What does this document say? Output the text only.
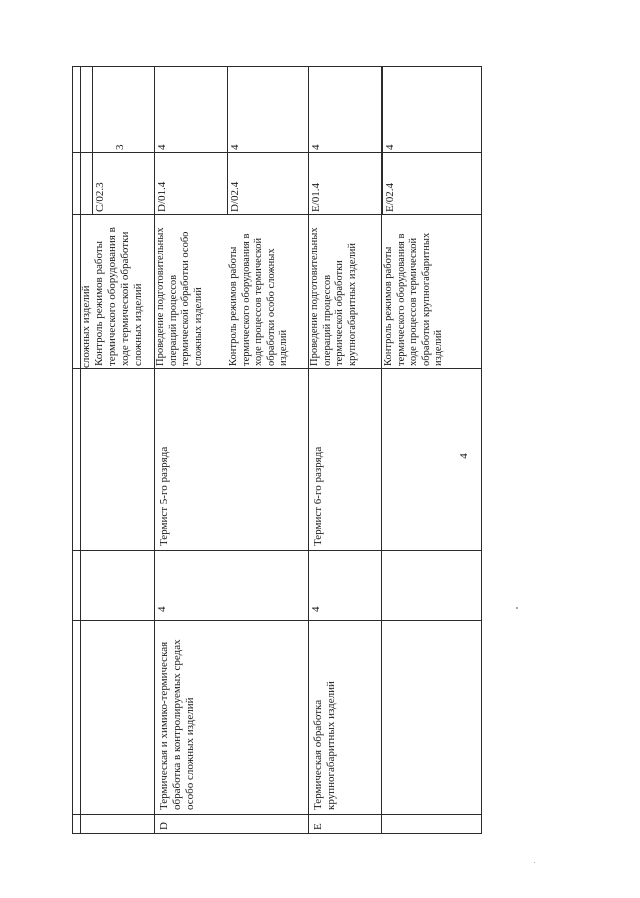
4
сложных изделий Контроль режимов работы термического оборудования в ходе термической обработки сложных изделий
C/02.3
3
D
Термическая и химико-термическая обработка в контролируемых средах особо сложных изделий
4
Термист 5-го разряда
Проведение подготовительных операций процессов термической обработки особо сложных изделий
D/01.4
4
Контроль режимов работы термического оборудования в ходе процессов термической обработки особо сложных изделий
D/02.4
4
E
Термическая обработка крупногабаритных изделий
4
Термист 6-го разряда
Проведение подготовительных операций процессов термической обработки крупногабаритных изделий
E/01.4
4
Контроль режимов работы термического оборудования в ходе процессов термической обработки крупногабаритных изделий
E/02.4
4
